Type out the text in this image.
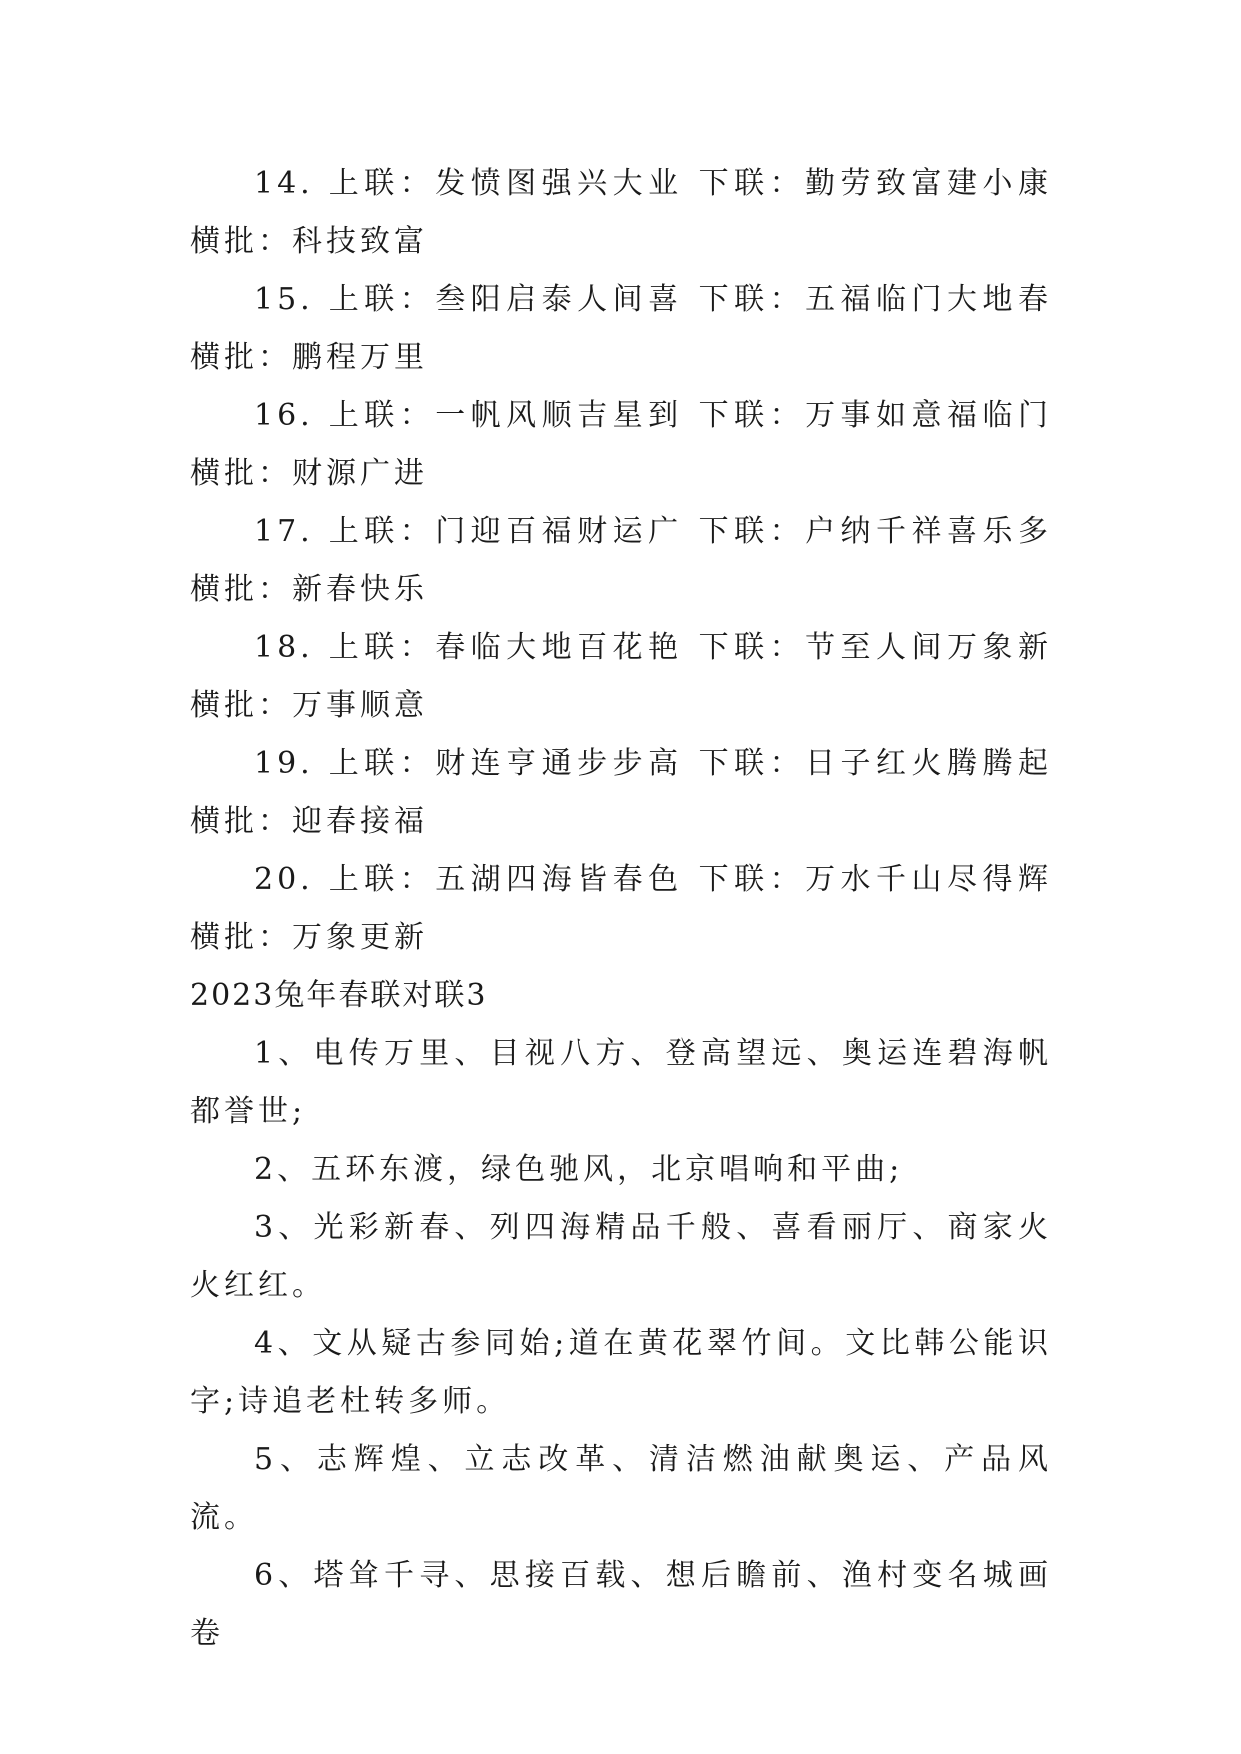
14. 上联：发愤图强兴大业 下联：勤劳致富建小康 横批：科技致富

15. 上联：叁阳启泰人间喜 下联：五福临门大地春 横批：鹏程万里

16. 上联：一帆风顺吉星到 下联：万事如意福临门 横批：财源广进

17. 上联：门迎百福财运广 下联：户纳千祥喜乐多 横批：新春快乐

18. 上联：春临大地百花艳 下联：节至人间万象新 横批：万事顺意

19. 上联：财连亨通步步高 下联：日子红火腾腾起 横批：迎春接福

20. 上联：五湖四海皆春色 下联：万水千山尽得辉 横批：万象更新

2023兔年春联对联3

1、电传万里、目视八方、登高望远、奥运连碧海帆都誉世;

2、五环东渡，绿色驰风，北京唱响和平曲;

3、光彩新春、列四海精品千般、喜看丽厅、商家火火红红。

4、文从疑古参同始;道在黄花翠竹间。文比韩公能识字;诗追老杜转多师。

5、志辉煌、立志改革、清洁燃油献奥运、产品风流。

6、塔耸千寻、思接百载、想后瞻前、渔村变名城画卷
